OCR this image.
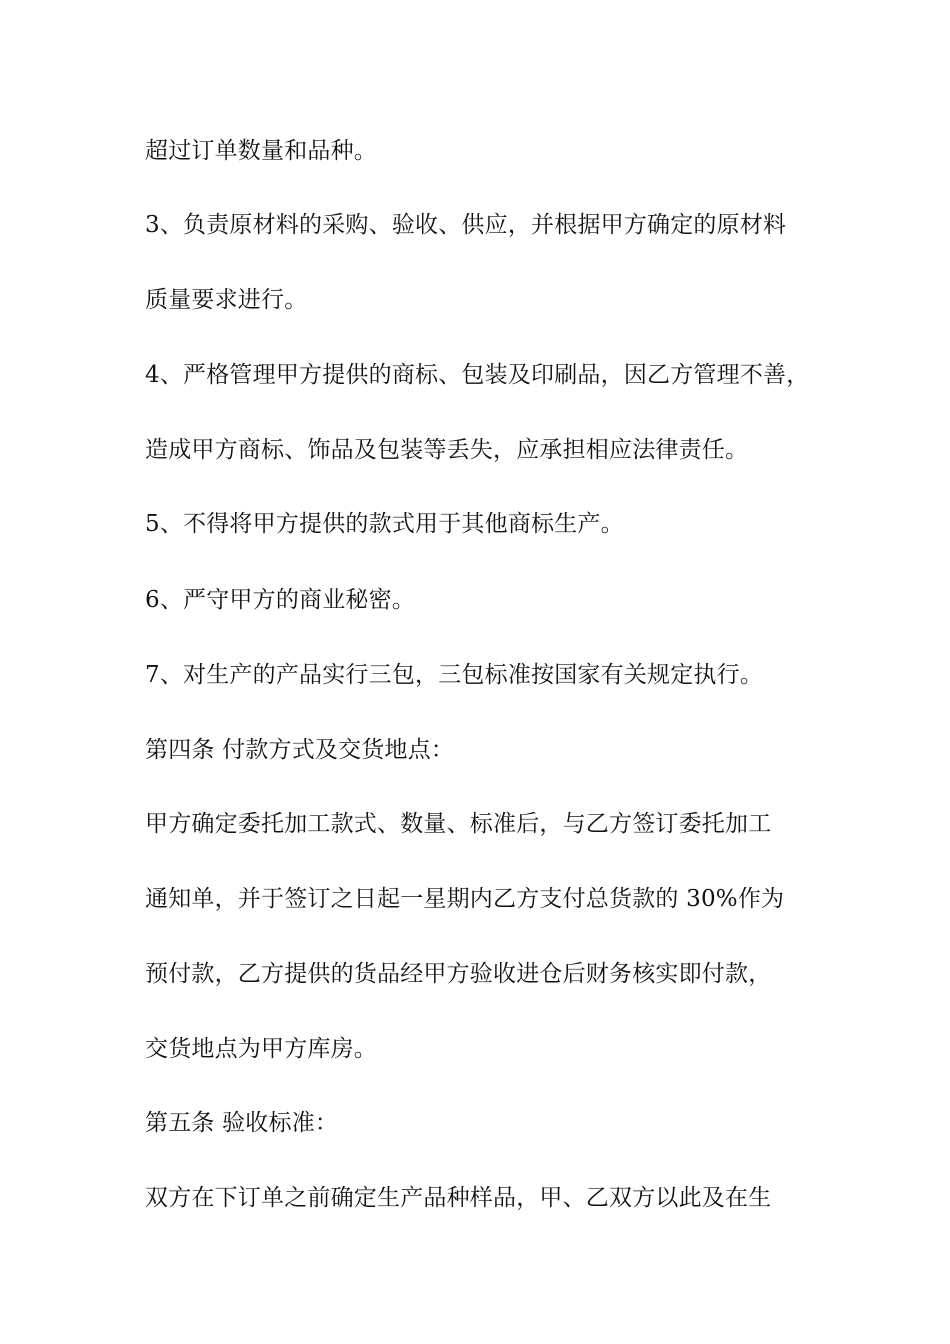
超过订单数量和品种。
3、负责原材料的采购、验收、供应，并根据甲方确定的原材料
质量要求进行。
4、严格管理甲方提供的商标、包装及印刷品，因乙方管理不善，
造成甲方商标、饰品及包装等丢失，应承担相应法律责任。
5、不得将甲方提供的款式用于其他商标生产。
6、严守甲方的商业秘密。
7、对生产的产品实行三包，三包标准按国家有关规定执行。
第四条 付款方式及交货地点：
甲方确定委托加工款式、数量、标准后，与乙方签订委托加工
通知单，并于签订之日起一星期内乙方支付总货款的 30%作为
预付款，乙方提供的货品经甲方验收进仓后财务核实即付款，
交货地点为甲方库房。
第五条 验收标准：
双方在下订单之前确定生产品种样品，甲、乙双方以此及在生
